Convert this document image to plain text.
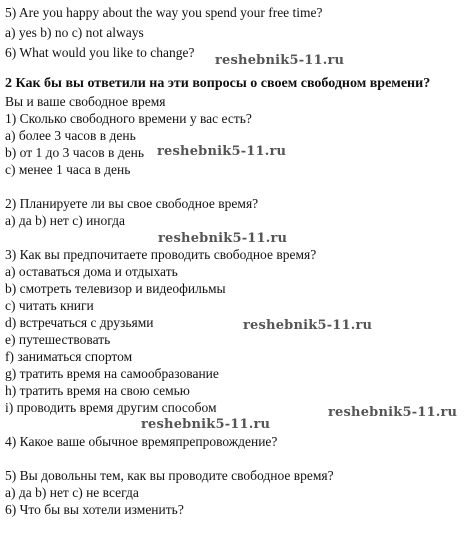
5) Are you happy about the way you spend your free time?
a) yes b) no c) not always
6) What would you like to change?
2 Как бы вы ответили на эти вопросы о своем свободном времени?
Вы и ваше свободное время
1) Сколько свободного времени у вас есть?
a) более 3 часов в день
b) от 1 до 3 часов в день
c) менее 1 часа в день
2) Планируете ли вы свое свободное время?
a) да b) нет c) иногда
3) Как вы предпочитаете проводить свободное время?
a) оставаться дома и отдыхать
b) смотреть телевизор и видеофильмы
c) читать книги
d) встречаться с друзьями
e) путешествовать
f) заниматься спортом
g) тратить время на самообразование
h) тратить время на свою семью
i) проводить время другим способом
4) Какое ваше обычное времяпрепровождение?
5) Вы довольны тем, как вы проводите свободное время?
a) да b) нет c) не всегда
6) Что бы вы хотели изменить?
reshebnik5-11.ru
reshebnik5-11.ru
reshebnik5-11.ru
reshebnik5-11.ru
reshebnik5-11.ru
reshebnik5-11.ru
